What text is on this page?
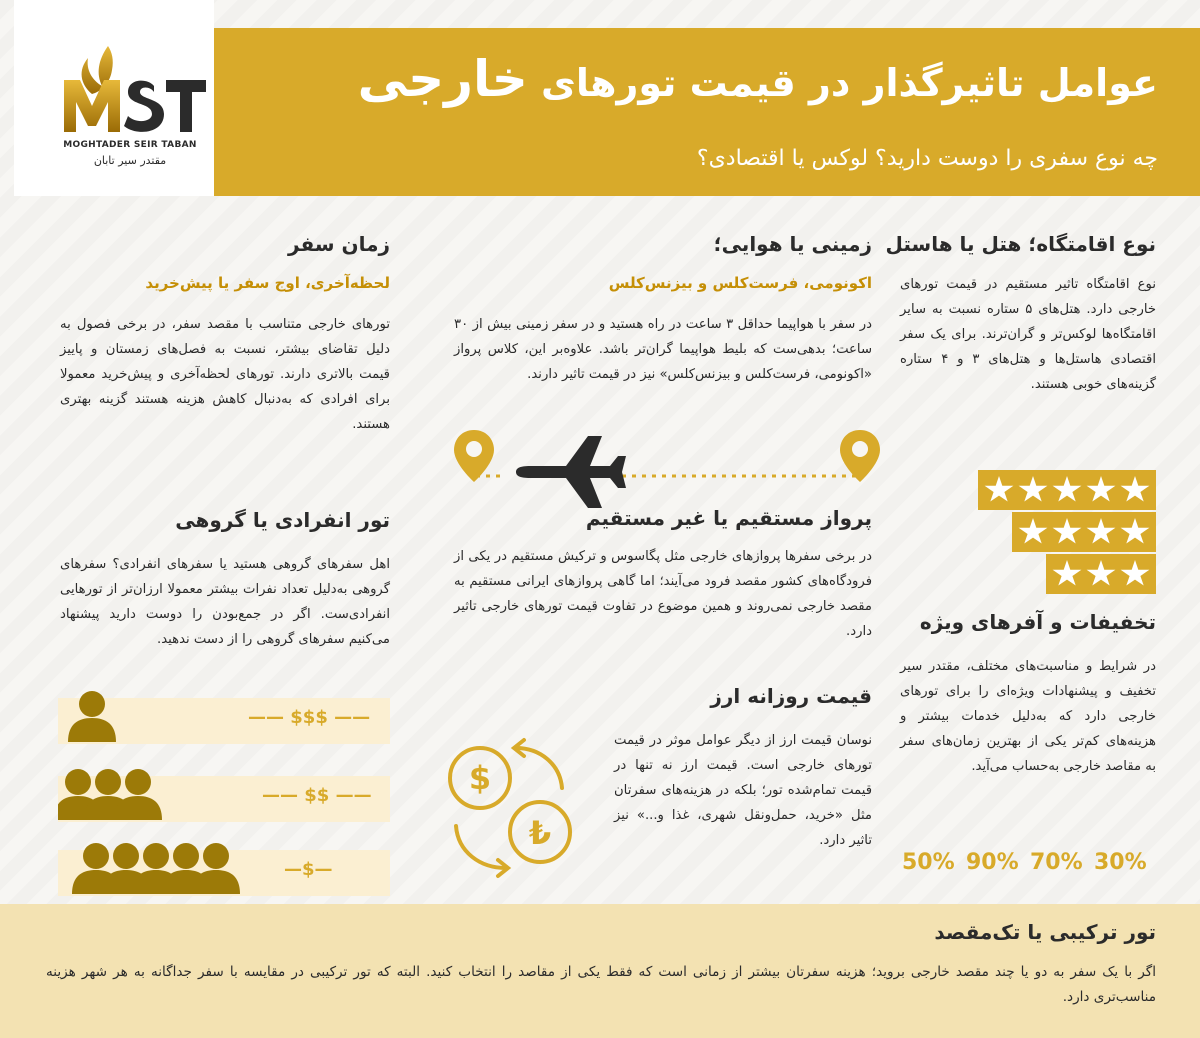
MOGHTADER SEIR TABAN
مقتدر سیر تابان
عوامل تاثیرگذار در قیمت تورهای خارجی
چه نوع سفری را دوست دارید؟ لوکس یا اقتصادی؟
نوع اقامتگاه؛ هتل یا هاستل
نوع اقامتگاه تاثیر مستقیم در قیمت تورهای خارجی دارد. هتل‌های ۵ ستاره نسبت به سایر اقامتگاه‌ها لوکس‌تر و گران‌ترند. برای یک سفر اقتصادی هاستل‌ها و هتل‌های ۳ و ۴ ستاره گزینه‌های خوبی هستند.
تخفیفات و آفرهای ویژه
در شرایط و مناسبت‌های مختلف، مقتدر سیر تخفیف و پیشنهادات ویژه‌ای را برای تورهای خارجی دارد که به‌دلیل خدمات بیشتر و هزینه‌های کم‌تر یکی از بهترین زمان‌های سفر به مقاصد خارجی به‌حساب می‌آید.
30%
70%
90%
50%
زمینی یا هوایی؛
اکونومی، فرست‌کلس و بیزنس‌کلس
در سفر با هواپیما حداقل ۳ ساعت در راه هستید و در سفر زمینی بیش از ۳۰ ساعت؛ بدهی‌ست که بلیط هواپیما گران‌تر باشد. علاوه‌بر این، کلاس پرواز «اکونومی، فرست‌کلس و بیزنس‌کلس» نیز در قیمت تاثیر دارند.
پرواز مستقیم یا غیر مستقیم
در برخی سفرها پروازهای خارجی مثل پگاسوس و ترکیش مستقیم در یکی از فرودگاه‌های کشور مقصد فرود می‌آیند؛ اما گاهی پروازهای ایرانی مستقیم به مقصد خارجی نمی‌روند و همین موضوع در تفاوت قیمت تورهای خارجی تاثیر دارد.
قیمت روزانه ارز
نوسان قیمت ارز از دیگر عوامل موثر در قیمت تورهای خارجی است. قیمت ارز نه تنها در قیمت تمام‌شده تور؛ بلکه در هزینه‌های سفرتان مثل «خرید، حمل‌ونقل شهری، غذا و...» نیز تاثیر دارد.
$
₺
زمان سفر
لحظه‌آخری، اوج سفر یا پیش‌خرید
تورهای خارجی متناسب با مقصد سفر، در برخی فصول به دلیل تقاضای بیشتر، نسبت به فصل‌های زمستان و پاییز قیمت بالاتری دارند. تورهای لحظه‌آخری و پیش‌خرید معمولا برای افرادی که به‌دنبال کاهش هزینه هستند گزینه بهتری هستند.
تور انفرادی یا گروهی
اهل سفرهای گروهی هستید یا سفرهای انفرادی؟ سفرهای گروهی به‌دلیل تعداد نفرات بیشتر معمولا ارزان‌تر از تورهایی انفرادی‌ست. اگر در جمع‌بودن را دوست دارید پیشنهاد می‌کنیم سفرهای گروهی را از دست ندهید.
—— $$$ ——
—— $$ ——
—$—
تور ترکیبی یا تک‌مقصد
اگر با یک سفر به دو یا چند مقصد خارجی بروید؛ هزینه سفرتان بیشتر از زمانی است که فقط یکی از مقاصد را انتخاب کنید. البته که تور ترکیبی در مقایسه با سفر جداگانه به هر شهر هزینه مناسب‌تری دارد.
